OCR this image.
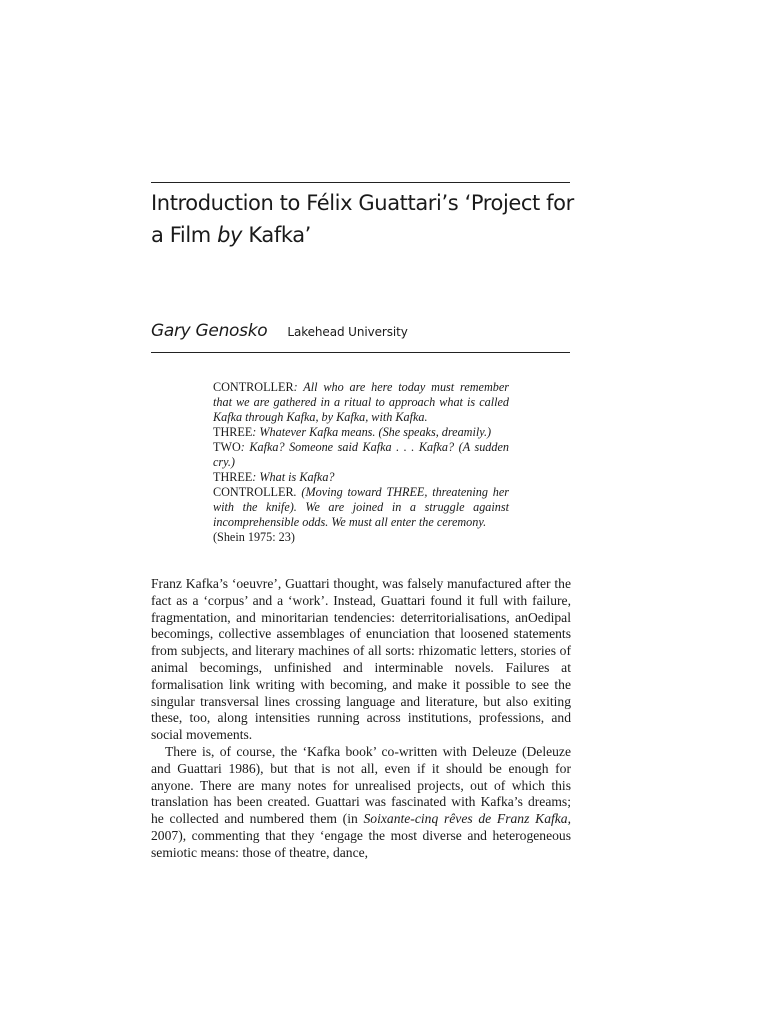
Introduction to Félix Guattari’s ‘Project for
a Film by Kafka’
Gary Genosko Lakehead University

CONTROLLER: All who are here today must remember that we are gathered in a ritual to approach what is called Kafka through Kafka, by Kafka, with Kafka.

THREE: Whatever Kafka means. (She speaks, dreamily.)

TWO: Kafka? Someone said Kafka . . . Kafka? (A sudden cry.)

THREE: What is Kafka?

CONTROLLER. (Moving toward THREE, threatening her with the knife). We are joined in a struggle against incomprehensible odds. We must all enter the ceremony.

(Shein 1975: 23)

Franz Kafka’s ‘oeuvre’, Guattari thought, was falsely manufactured after the fact as a ‘corpus’ and a ‘work’. Instead, Guattari found it full with failure, fragmentation, and minoritarian tendencies: deterritorialisations, anOedipal becomings, collective assemblages of enunciation that loosened statements from subjects, and literary machines of all sorts: rhizomatic letters, stories of animal becomings, unfinished and interminable novels. Failures at formalisation link writing with becoming, and make it possible to see the singular transversal lines crossing language and literature, but also exiting these, too, along intensities running across institutions, professions, and social movements.

There is, of course, the ‘Kafka book’ co-written with Deleuze (Deleuze and Guattari 1986), but that is not all, even if it should be enough for anyone. There are many notes for unrealised projects, out of which this translation has been created. Guattari was fascinated with Kafka’s dreams; he collected and numbered them (in Soixante-cinq rêves de Franz Kafka, 2007), commenting that they ‘engage the most diverse and heterogeneous semiotic means: those of theatre, dance,
